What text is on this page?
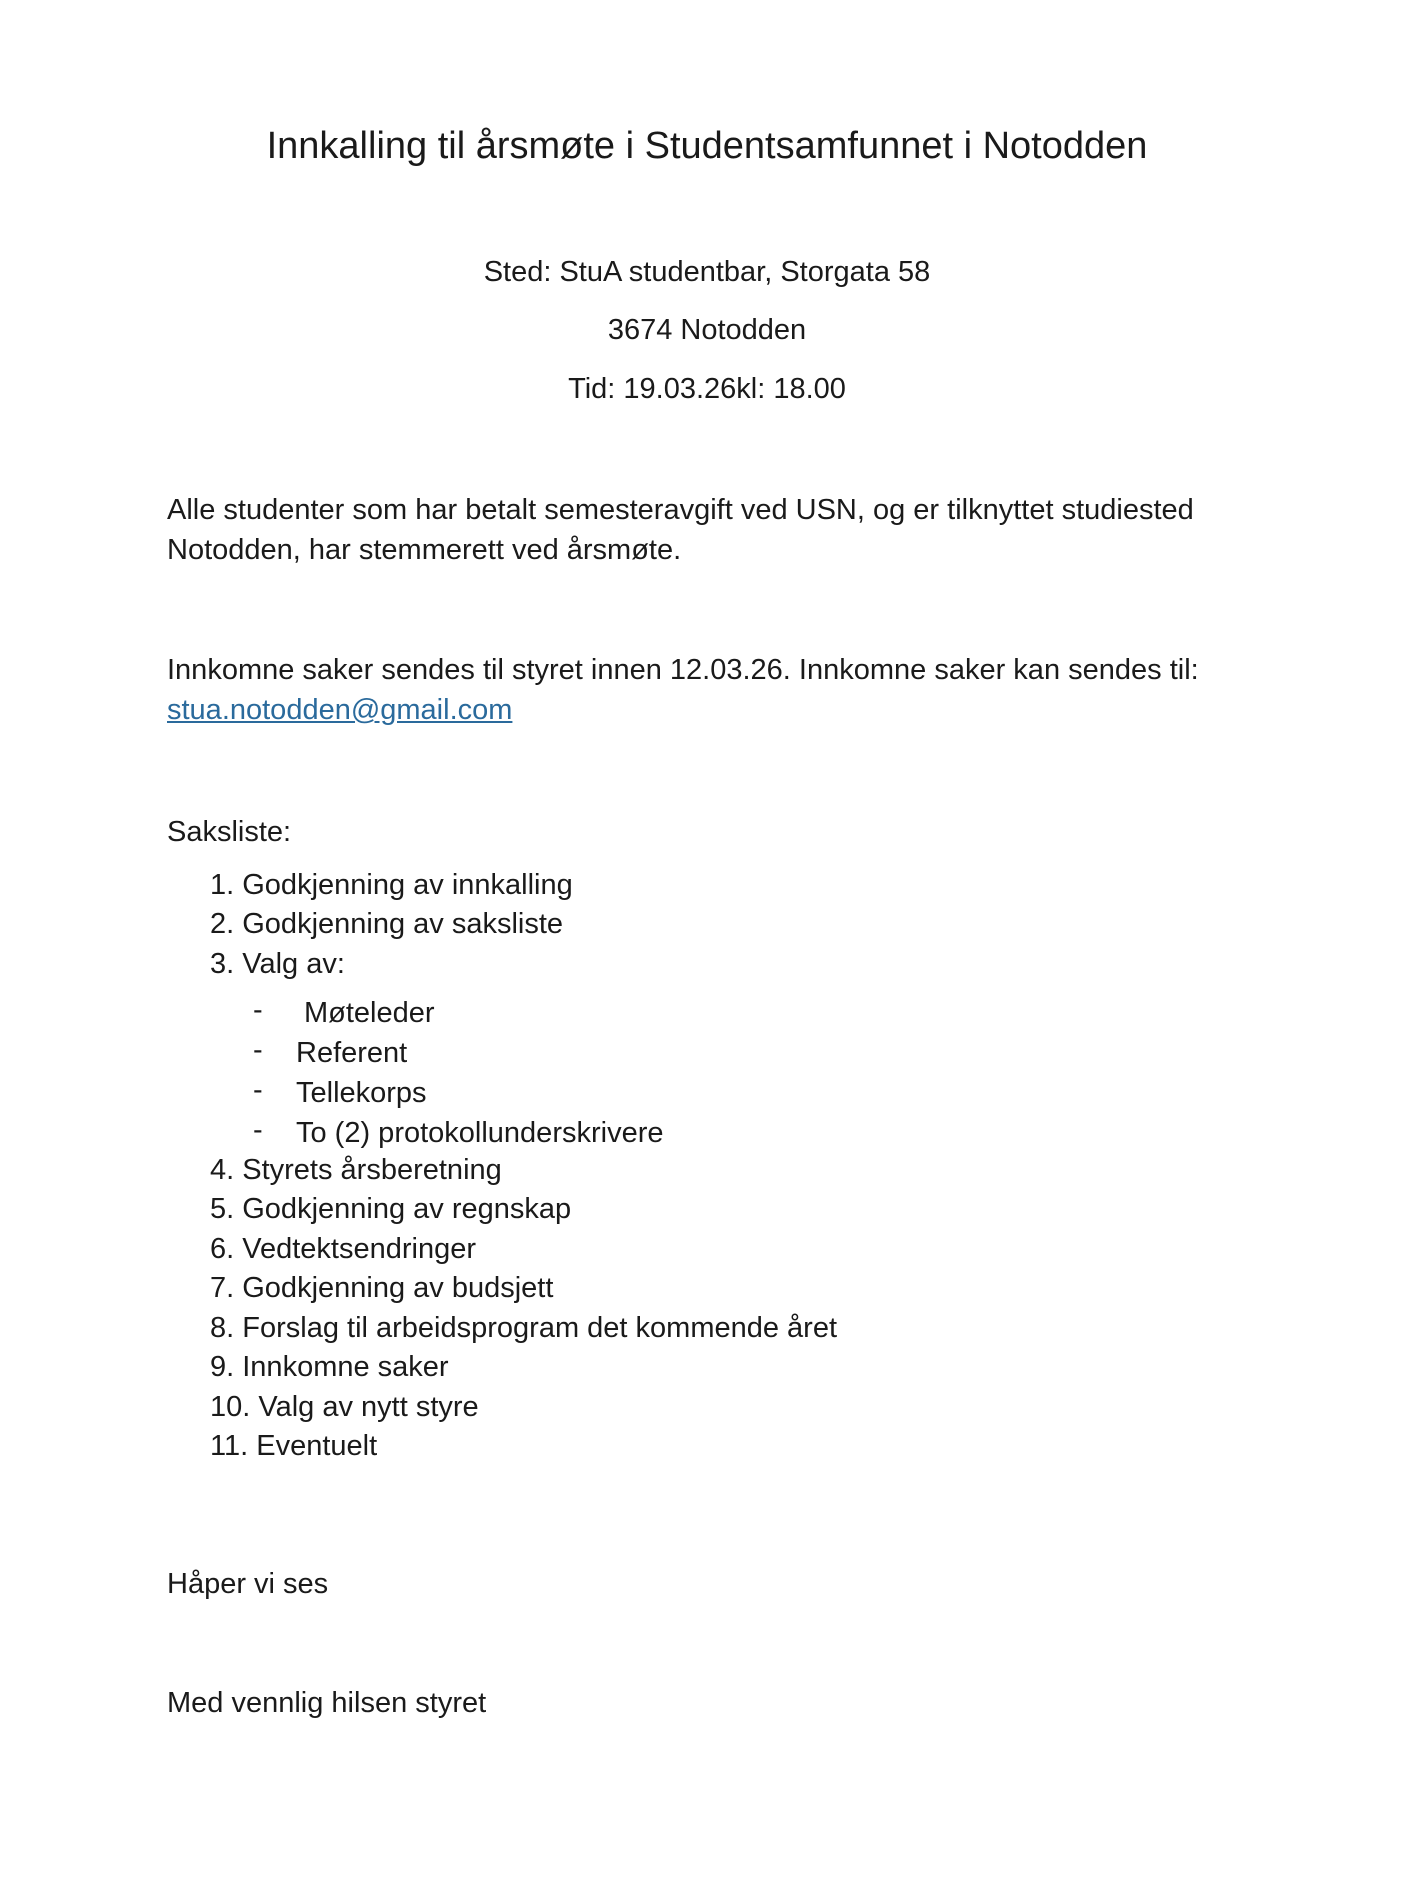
Innkalling til årsmøte i Studentsamfunnet i Notodden

Sted: StuA studentbar, Storgata 58

3674 Notodden

Tid: 19.03.26kl: 18.00

Alle studenter som har betalt semesteravgift ved USN, og er tilknyttet studiested Notodden, har stemmerett ved årsmøte.

Innkomne saker sendes til styret innen 12.03.26. Innkomne saker kan sendes til:
stua.notodden@gmail.com

Saksliste:

1. Godkjenning av innkalling

2. Godkjenning av saksliste

3. Valg av:

- Møteleder

- Referent

- Tellekorps

- To (2) protokollunderskrivere

4. Styrets årsberetning

5. Godkjenning av regnskap

6. Vedtektsendringer

7. Godkjenning av budsjett

8. Forslag til arbeidsprogram det kommende året

9. Innkomne saker

10. Valg av nytt styre

11. Eventuelt

Håper vi ses

Med vennlig hilsen styret
